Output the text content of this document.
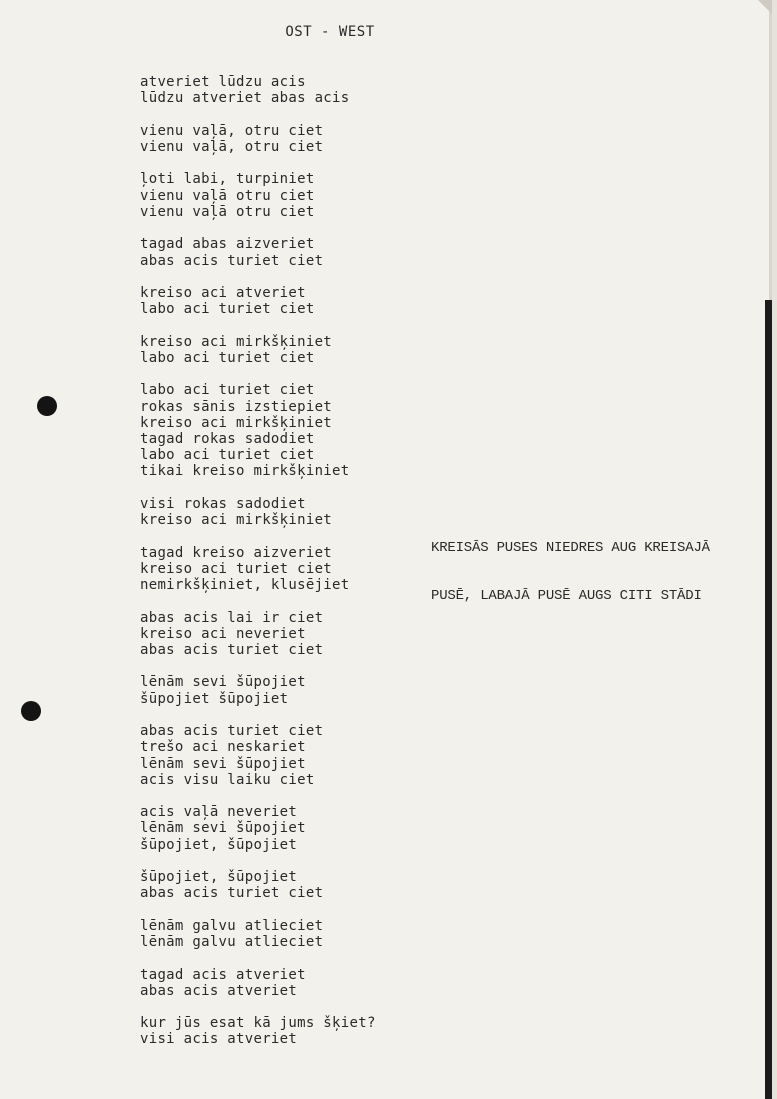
OST - WEST
atveriet lūdzu acis
lūdzu atveriet abas acis
vienu vaļā, otru ciet
vienu vaļā, otru ciet
ļoti labi, turpiniet
vienu vaļā otru ciet
vienu vaļā otru ciet
tagad abas aizveriet
abas acis turiet ciet
kreiso aci atveriet
labo aci turiet ciet
kreiso aci mirkšķiniet
labo aci turiet ciet
labo aci turiet ciet
rokas sānis izstiepiet
kreiso aci mirkšķiniet
tagad rokas sadodiet
labo aci turiet ciet
tikai kreiso mirkšķiniet
visi rokas sadodiet
kreiso aci mirkšķiniet
tagad kreiso aizveriet
kreiso aci turiet ciet
nemirkšķiniet, klusējiet
abas acis lai ir ciet
kreiso aci neveriet
abas acis turiet ciet
lēnām sevi šūpojiet
šūpojiet šūpojiet
abas acis turiet ciet
trešo aci neskariet
lēnām sevi šūpojiet
acis visu laiku ciet
acis vaļā neveriet
lēnām sevi šūpojiet
šūpojiet, šūpojiet
šūpojiet, šūpojiet
abas acis turiet ciet
lēnām galvu atlieciet
lēnām galvu atlieciet
tagad acis atveriet
abas acis atveriet
kur jūs esat kā jums šķiet?
visi acis atveriet

KREISĀS PUSES NIEDRES AUG KREISAJĀ

PUSĒ, LABAJĀ PUSĒ AUGS CITI STĀDI
